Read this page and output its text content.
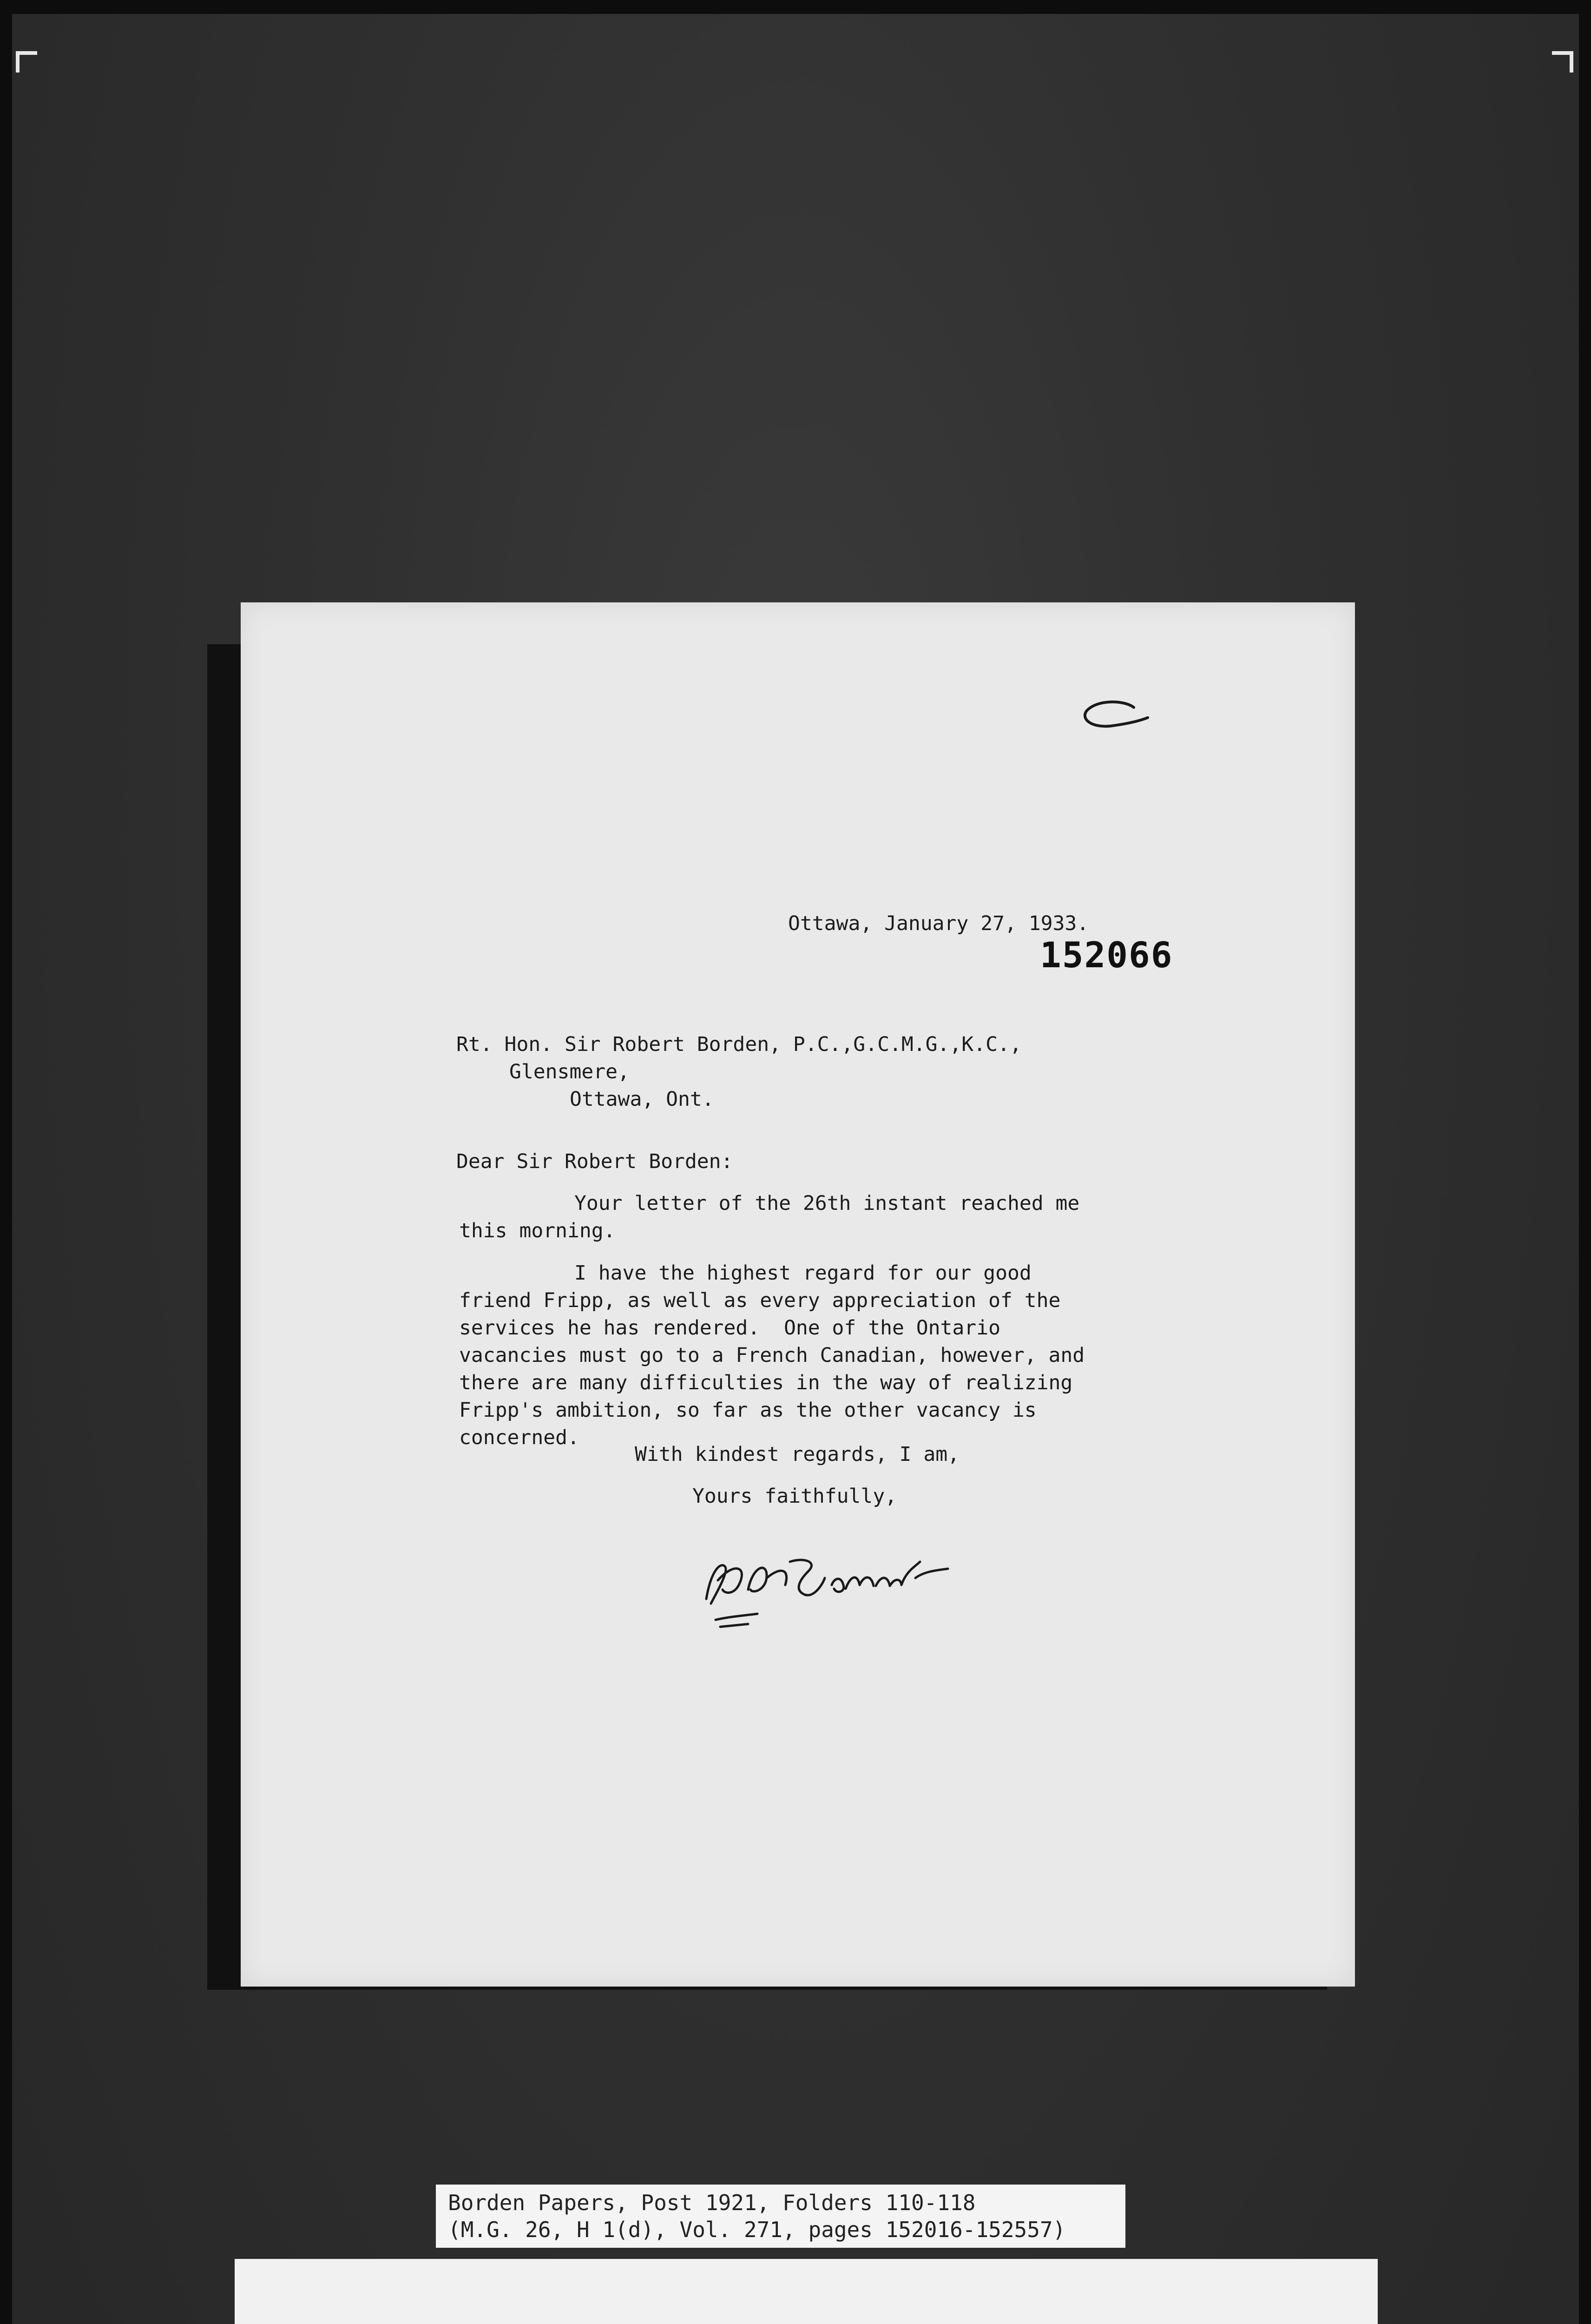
Ottawa, January 27, 1933.
152066
Rt. Hon. Sir Robert Borden, P.C.,G.C.M.G.,K.C.,
Glensmere,
Ottawa, Ont.
Dear Sir Robert Borden:
Your letter of the 26th instant reached me
this morning.
I have the highest regard for our good
friend Fripp, as well as every appreciation of the
services he has rendered.  One of the Ontario
vacancies must go to a French Canadian, however, and
there are many difficulties in the way of realizing
Fripp's ambition, so far as the other vacancy is
concerned.
With kindest regards, I am,
Yours faithfully,
R.B. Bennett
Borden Papers, Post 1921, Folders 110-118
(M.G. 26, H 1(d), Vol. 271, pages 152016-152557)
